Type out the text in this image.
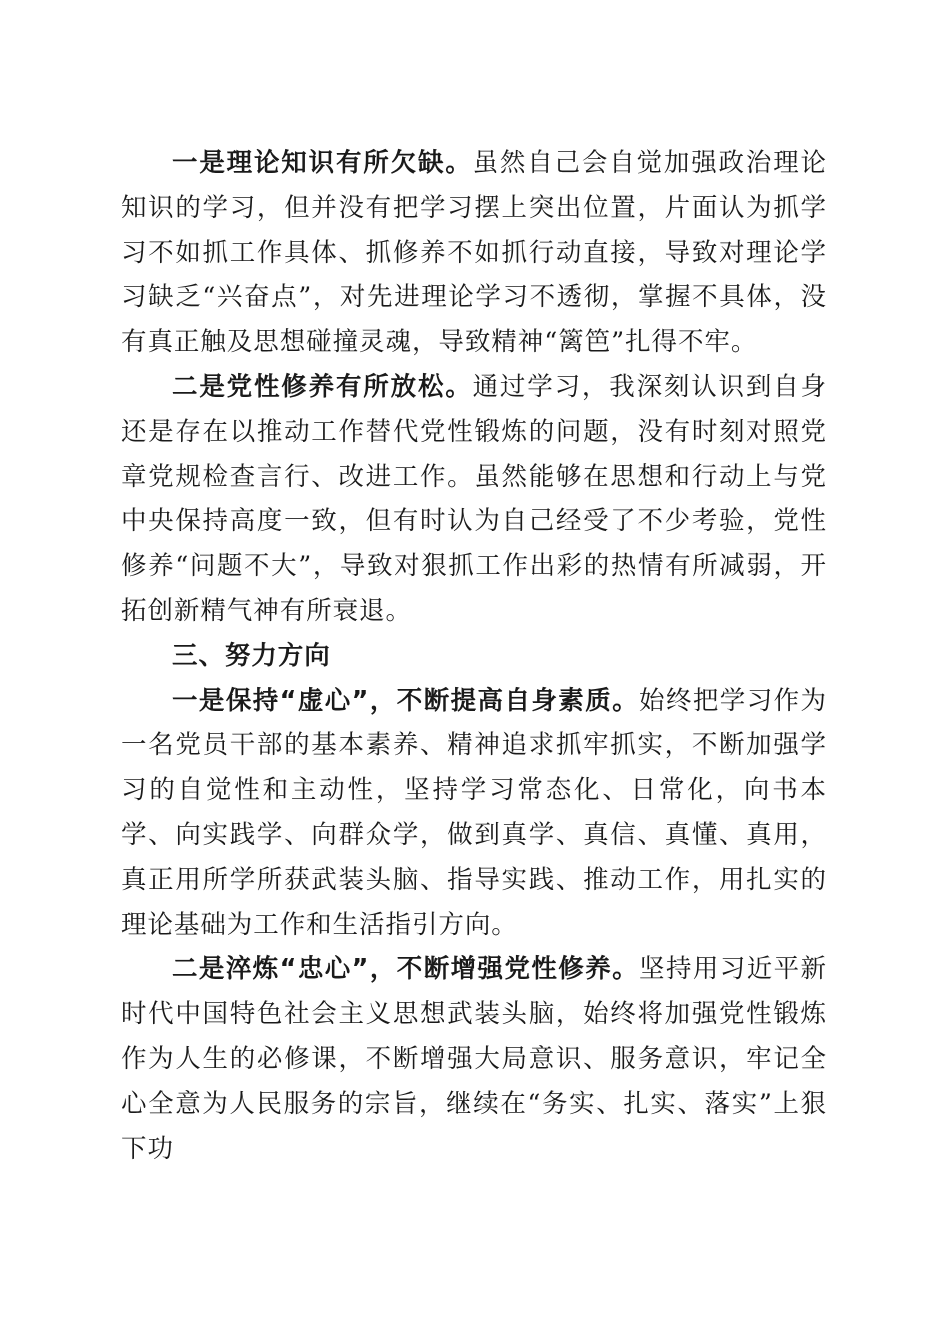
一是理论知识有所欠缺。虽然自己会自觉加强政治理论知识的学习，但并没有把学习摆上突出位置，片面认为抓学习不如抓工作具体、抓修养不如抓行动直接，导致对理论学习缺乏“兴奋点”，对先进理论学习不透彻，掌握不具体，没有真正触及思想碰撞灵魂，导致精神“篱笆”扎得不牢。

二是党性修养有所放松。通过学习，我深刻认识到自身还是存在以推动工作替代党性锻炼的问题，没有时刻对照党章党规检查言行、改进工作。虽然能够在思想和行动上与党中央保持高度一致，但有时认为自己经受了不少考验，党性修养“问题不大”，导致对狠抓工作出彩的热情有所减弱，开拓创新精气神有所衰退。

三、努力方向

一是保持“虚心”，不断提高自身素质。始终把学习作为一名党员干部的基本素养、精神追求抓牢抓实，不断加强学习的自觉性和主动性，坚持学习常态化、日常化，向书本学、向实践学、向群众学，做到真学、真信、真懂、真用，真正用所学所获武装头脑、指导实践、推动工作，用扎实的理论基础为工作和生活指引方向。

二是淬炼“忠心”，不断增强党性修养。坚持用习近平新时代中国特色社会主义思想武装头脑，始终将加强党性锻炼作为人生的必修课，不断增强大局意识、服务意识，牢记全心全意为人民服务的宗旨，继续在“务实、扎实、落实”上狠下功
